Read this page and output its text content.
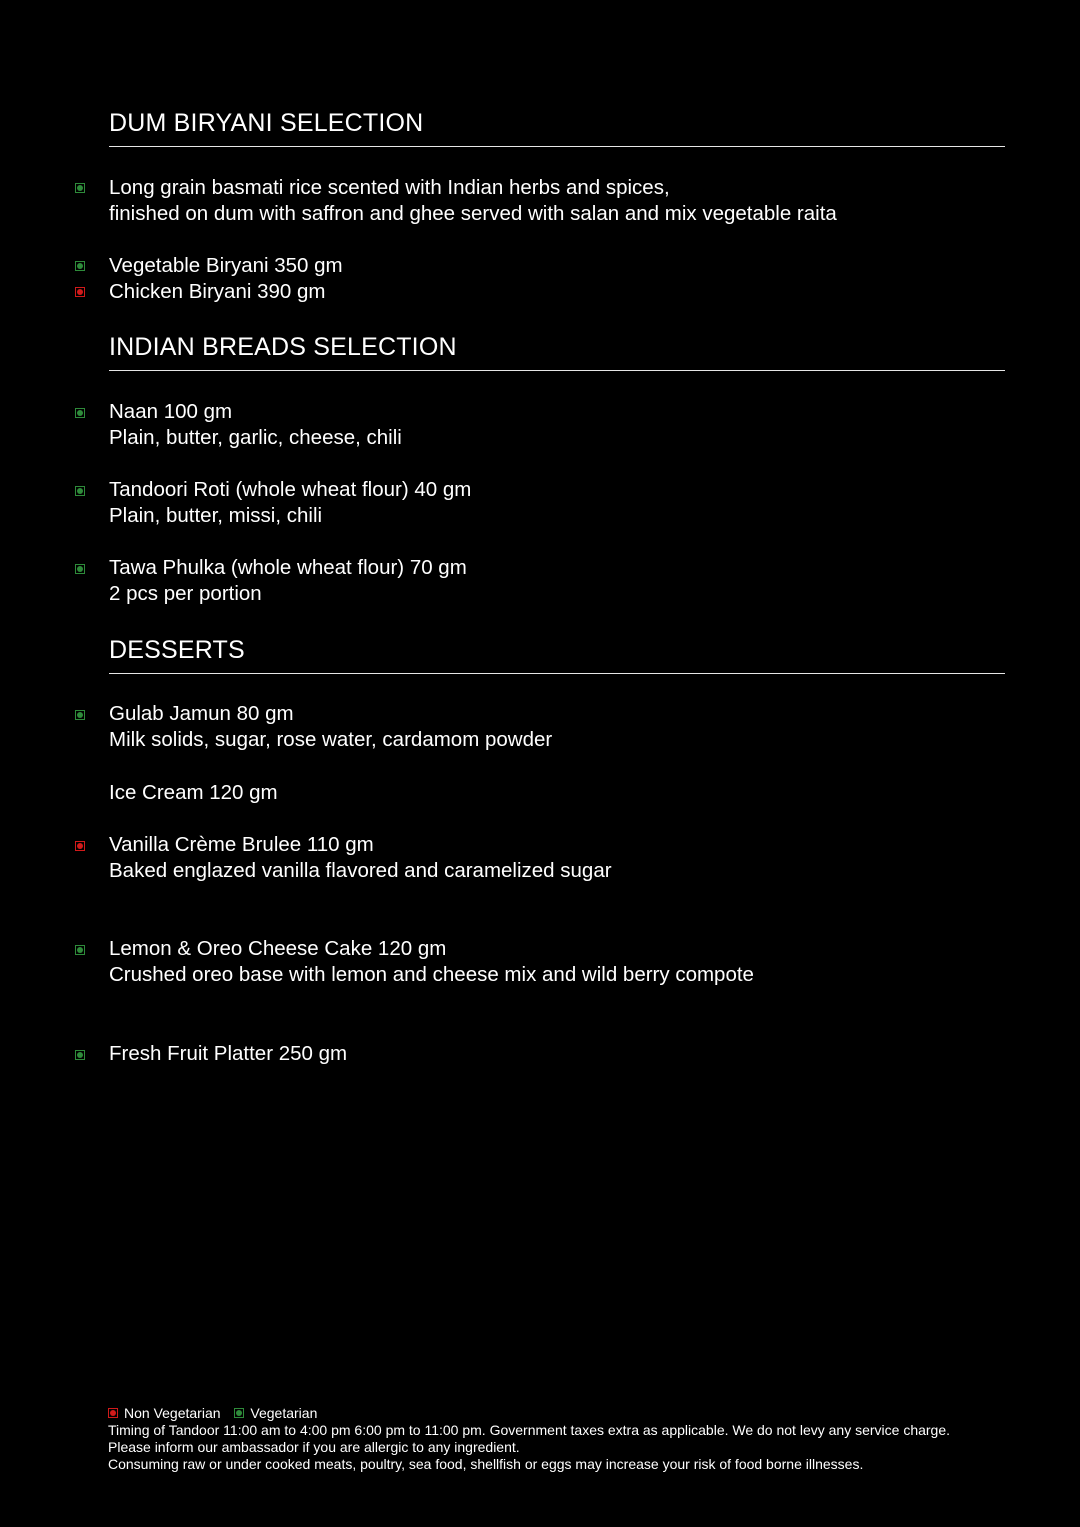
DUM BIRYANI SELECTION
Long grain basmati rice scented with Indian herbs and spices,
finished on dum with saffron and ghee served with salan and mix vegetable raita
Vegetable Biryani 350 gm
Chicken Biryani 390 gm
INDIAN BREADS SELECTION
Naan 100 gm
Plain, butter, garlic, cheese, chili
Tandoori Roti (whole wheat flour) 40 gm
Plain, butter, missi, chili
Tawa Phulka (whole wheat flour) 70 gm
2 pcs per portion
DESSERTS
Gulab Jamun 80 gm
Milk solids, sugar, rose water, cardamom powder
Ice Cream 120 gm
Vanilla Crème Brulee 110 gm
Baked englazed vanilla flavored and caramelized sugar
Lemon & Oreo Cheese Cake 120 gm
Crushed oreo base with lemon and cheese mix and wild berry compote
Fresh Fruit Platter 250 gm
Non Vegetarian
Vegetarian
Timing of Tandoor 11:00 am to 4:00 pm 6:00 pm to 11:00 pm. Government taxes extra as applicable. We do not levy any service charge.
Please inform our ambassador if you are allergic to any ingredient.
Consuming raw or under cooked meats, poultry, sea food, shellfish or eggs may increase your risk of food borne illnesses.
